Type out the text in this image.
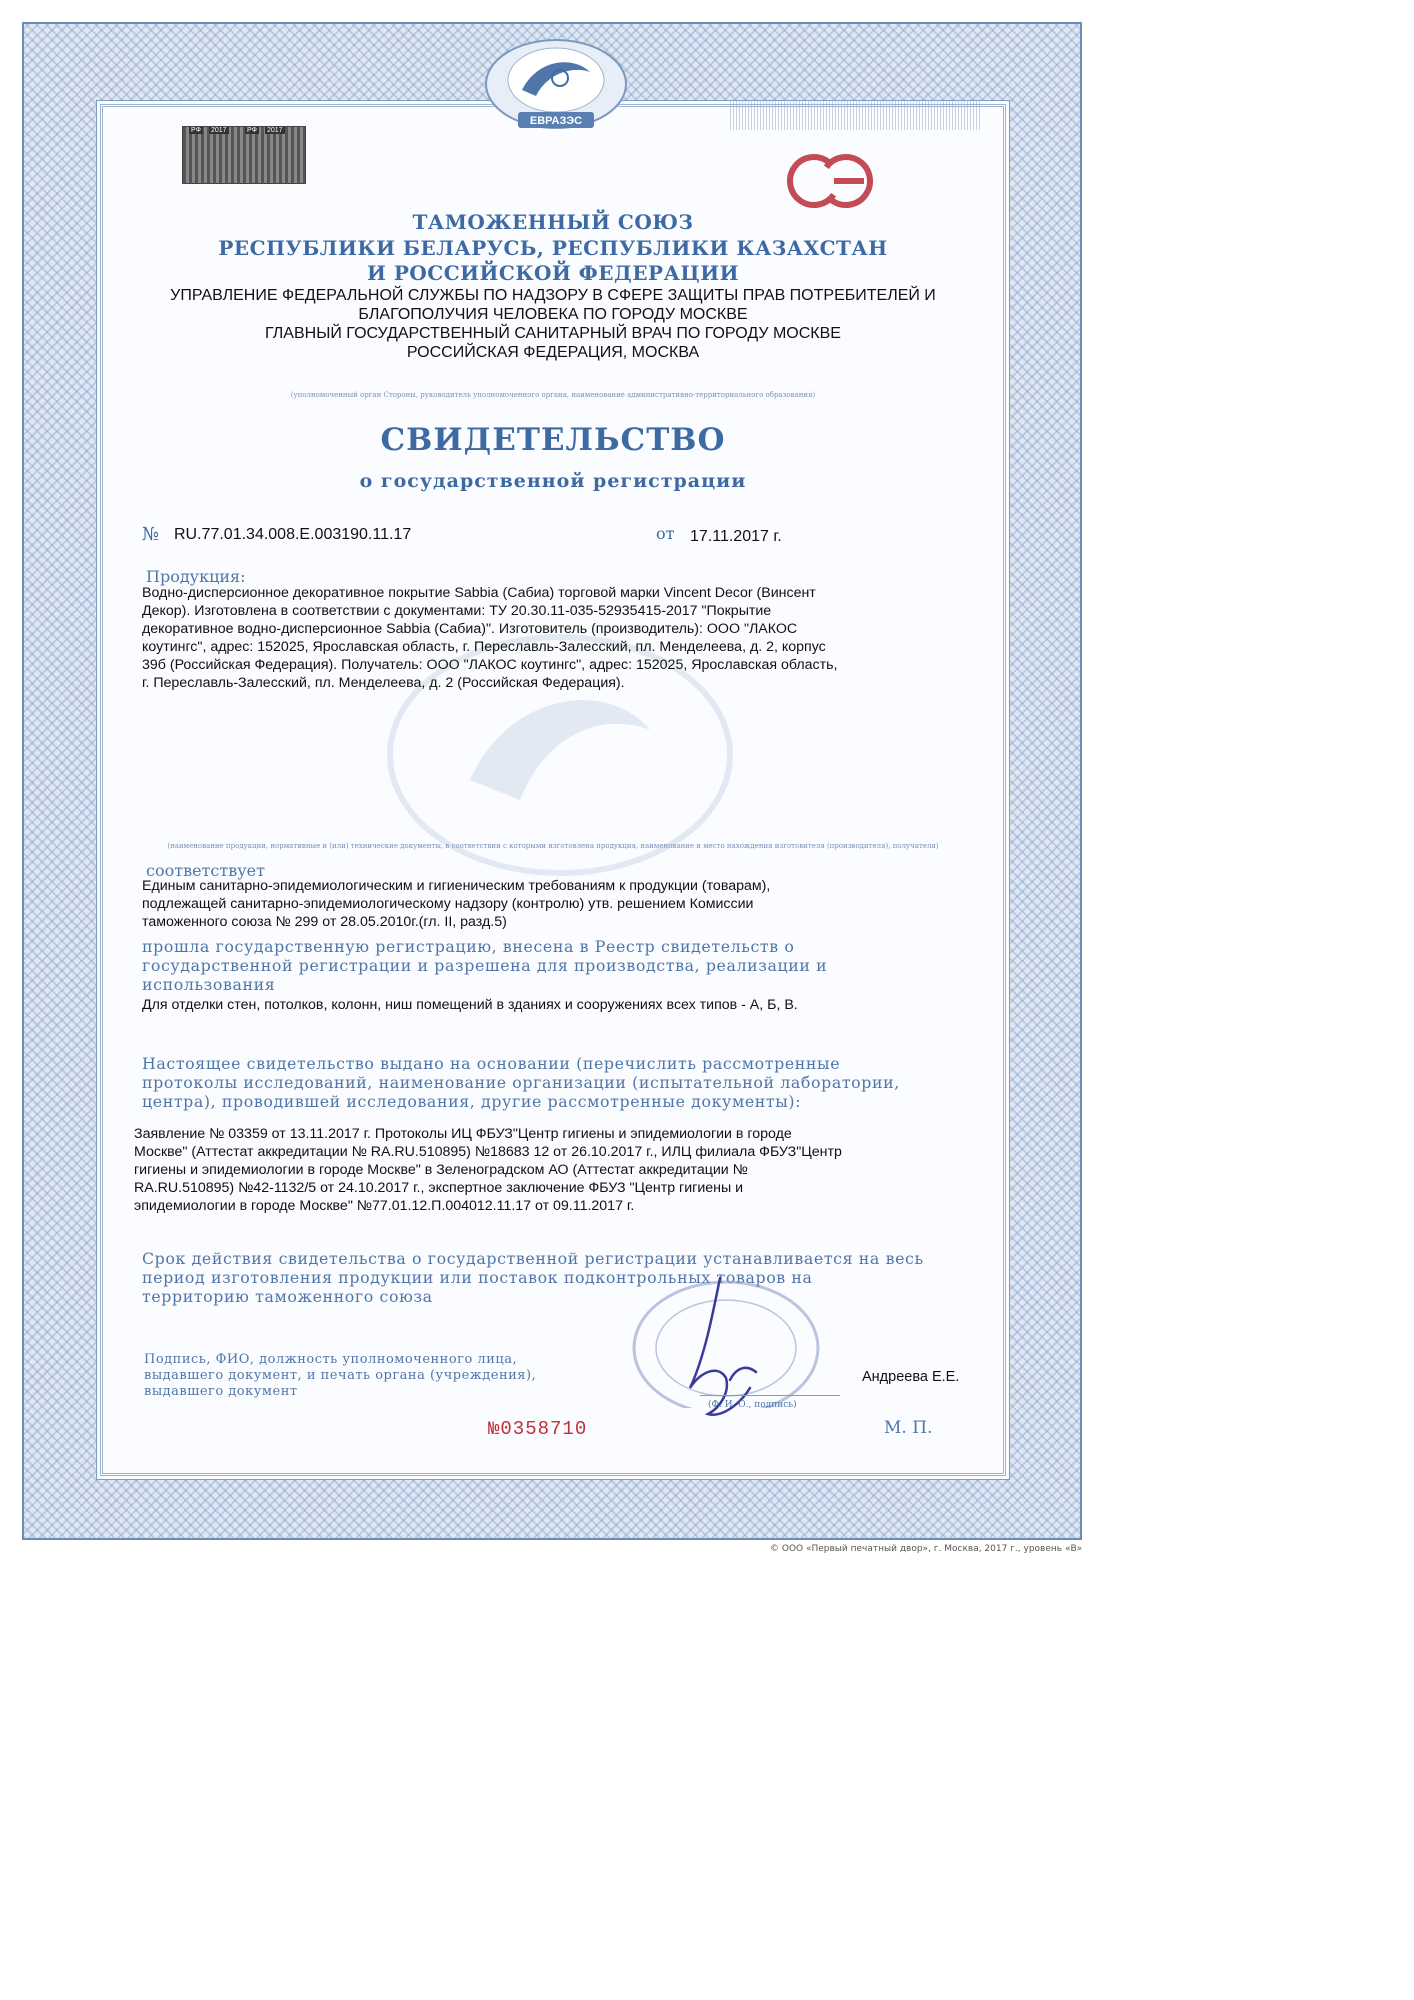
ЕВРАЗЭС
РФ 2017	РФ 2017
ТАМОЖЕННЫЙ СОЮЗ
РЕСПУБЛИКИ БЕЛАРУСЬ, РЕСПУБЛИКИ КАЗАХСТАН
И РОССИЙСКОЙ ФЕДЕРАЦИИ
УПРАВЛЕНИЕ ФЕДЕРАЛЬНОЙ СЛУЖБЫ ПО НАДЗОРУ В СФЕРЕ ЗАЩИТЫ ПРАВ ПОТРЕБИТЕЛЕЙ И
БЛАГОПОЛУЧИЯ ЧЕЛОВЕКА ПО ГОРОДУ МОСКВЕ
ГЛАВНЫЙ ГОСУДАРСТВЕННЫЙ САНИТАРНЫЙ ВРАЧ ПО ГОРОДУ МОСКВЕ
РОССИЙСКАЯ ФЕДЕРАЦИЯ, МОСКВА
(уполномоченный орган Стороны, руководитель уполномоченного органа, наименование административно-территориального образования)
СВИДЕТЕЛЬСТВО
о государственной регистрации
№ RU.77.01.34.008.Е.003190.11.17	от 17.11.2017 г.
Продукция:
Водно-дисперсионное декоративное покрытие Sabbia (Сабиа) торговой марки Vincent Decor (Винсент
Декор). Изготовлена в соответствии с документами: ТУ 20.30.11-035-52935415-2017 "Покрытие
декоративное водно-дисперсионное Sabbia (Сабиа)". Изготовитель (производитель): ООО "ЛАКОС
коутингс", адрес: 152025, Ярославская область, г. Переславль-Залесский, пл. Менделеева, д. 2, корпус
39б (Российская Федерация). Получатель: ООО "ЛАКОС коутингс", адрес: 152025, Ярославская область,
г. Переславль-Залесский, пл. Менделеева, д. 2 (Российская Федерация).
(наименование продукции, нормативные и (или) технические документы, в соответствии с которыми изготовлена продукция, наименование и место нахождения изготовителя (производителя), получателя)
соответствует
Единым санитарно-эпидемиологическим и гигиеническим требованиям к продукции (товарам),
подлежащей санитарно-эпидемиологическому надзору (контролю) утв. решением Комиссии
таможенного союза № 299 от 28.05.2010г.(гл. II, разд.5)
прошла государственную регистрацию, внесена в Реестр свидетельств о
государственной регистрации и разрешена для производства, реализации и
использования
Для отделки стен, потолков, колонн, ниш помещений в зданиях и сооружениях всех типов - А, Б, В.
Настоящее свидетельство выдано на основании (перечислить рассмотренные
протоколы исследований, наименование организации (испытательной лаборатории,
центра), проводившей исследования, другие рассмотренные документы):
Заявление № 03359 от 13.11.2017 г. Протоколы ИЦ ФБУЗ"Центр гигиены и эпидемиологии в городе
Москве" (Аттестат аккредитации № RA.RU.510895) №18683 12 от 26.10.2017 г., ИЛЦ филиала ФБУЗ"Центр
гигиены и эпидемиологии в городе Москве" в Зеленоградском АО (Аттестат аккредитации №
RA.RU.510895) №42-1132/5 от 24.10.2017 г., экспертное заключение ФБУЗ "Центр гигиены и
эпидемиологии в городе Москве" №77.01.12.П.004012.11.17 от 09.11.2017 г.
Срок действия свидетельства о государственной регистрации устанавливается на весь
период изготовления продукции или поставок подконтрольных товаров на
территорию таможенного союза
Подпись, ФИО, должность уполномоченного лица,
выдавшего документ, и печать органа (учреждения),
выдавшего документ
Андреева Е.Е.
(Ф. И. О., подпись)
№0358710	М. П.
© ООО «Первый печатный двор», г. Москва, 2017 г., уровень «В»
